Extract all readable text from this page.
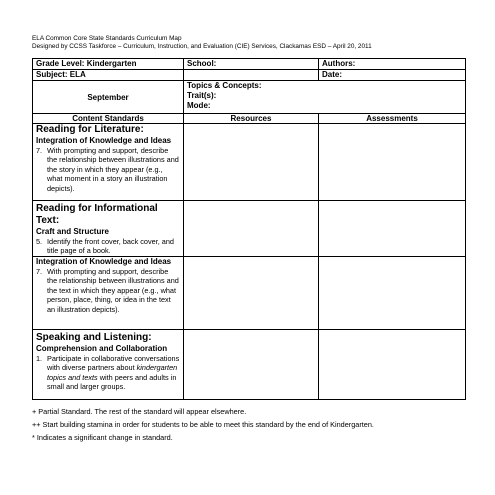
ELA Common Core State Standards Curriculum Map
Designed by CCSS Taskforce – Curriculum, Instruction, and Evaluation (CIE) Services, Clackamas ESD – April 20, 2011
Grade Level: Kindergarten	School:	Authors:
Subject: ELA		Date:
September	Topics & Concepts:
Trait(s):
Mode:	

Content Standards	Resources	Assessments

Reading for Literature:
Integration of Knowledge and Ideas
7. With prompting and support, describe the relationship between illustrations and the story in which they appear (e.g., what moment in a story an illustration depicts).		

Reading for Informational Text:
Craft and Structure
5. Identify the front cover, back cover, and title page of a book.		

Integration of Knowledge and Ideas
7. With prompting and support, describe the relationship between illustrations and the text in which they appear (e.g., what person, place, thing, or idea in the text an illustration depicts).		

Speaking and Listening:
Comprehension and Collaboration
1. Participate in collaborative conversations with diverse partners about kindergarten topics and texts with peers and adults in small and larger groups.		

+ Partial Standard. The rest of the standard will appear elsewhere.
++ Start building stamina in order for students to be able to meet this standard by the end of Kindergarten.
* Indicates a significant change in standard.
